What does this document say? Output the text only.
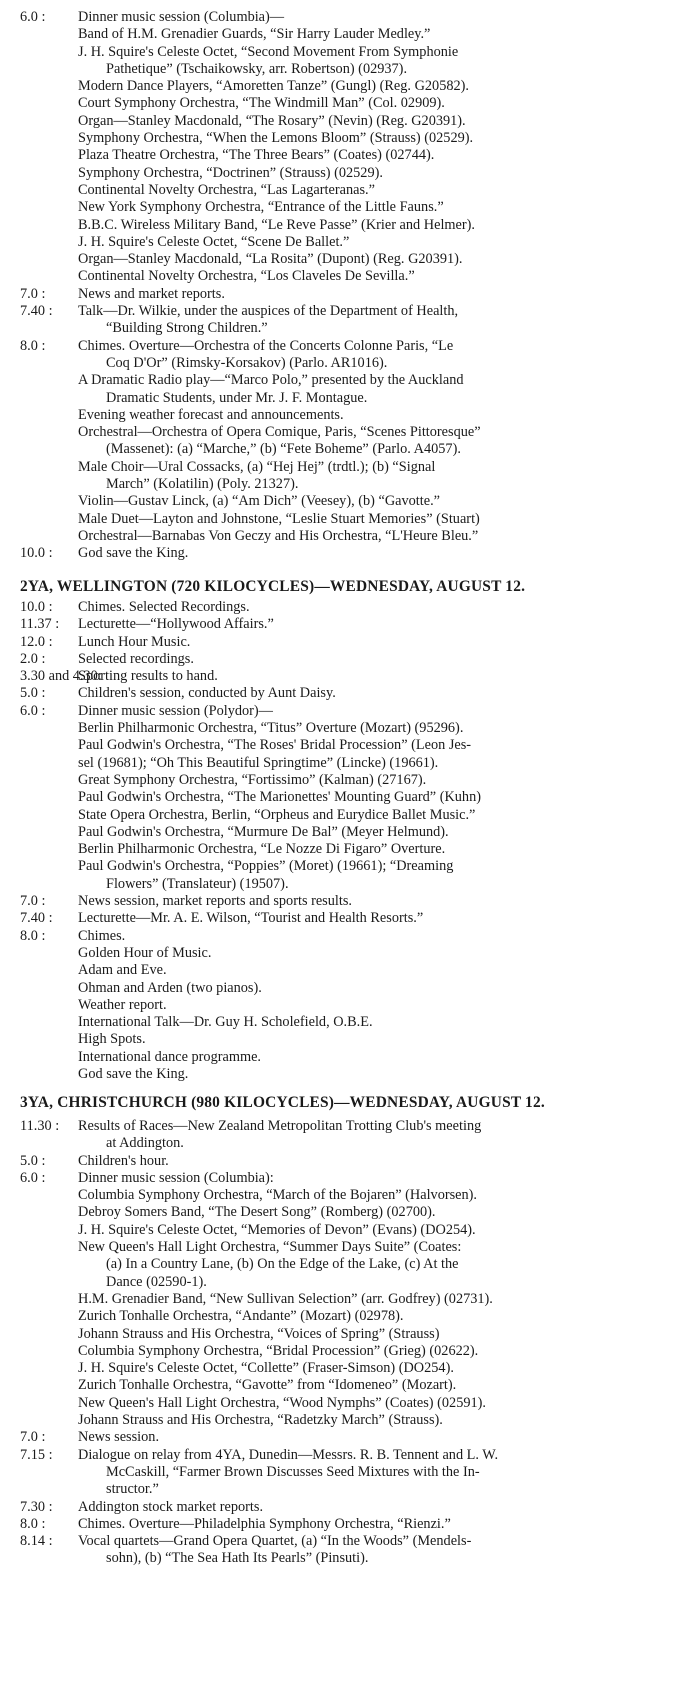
6.0 :	Dinner music session (Columbia)—
Band of H.M. Grenadier Guards, “Sir Harry Lauder Medley.”
J. H. Squire's Celeste Octet, “Second Movement From Symphonie
Pathetique” (Tschaikowsky, arr. Robertson) (02937).
Modern Dance Players, “Amoretten Tanze” (Gungl) (Reg. G20582).
Court Symphony Orchestra, “The Windmill Man” (Col. 02909).
Organ—Stanley Macdonald, “The Rosary” (Nevin) (Reg. G20391).
Symphony Orchestra, “When the Lemons Bloom” (Strauss) (02529).
Plaza Theatre Orchestra, “The Three Bears” (Coates) (02744).
Symphony Orchestra, “Doctrinen” (Strauss) (02529).
Continental Novelty Orchestra, “Las Lagarteranas.”
New York Symphony Orchestra, “Entrance of the Little Fauns.”
B.B.C. Wireless Military Band, “Le Reve Passe” (Krier and Helmer).
J. H. Squire's Celeste Octet, “Scene De Ballet.”
Organ—Stanley Macdonald, “La Rosita” (Dupont) (Reg. G20391).
Continental Novelty Orchestra, “Los Claveles De Sevilla.”
7.0 :	News and market reports.
7.40 :	Talk—Dr. Wilkie, under the auspices of the Department of Health,
“Building Strong Children.”
8.0 :	Chimes. Overture—Orchestra of the Concerts Colonne Paris, “Le
Coq D'Or” (Rimsky-Korsakov) (Parlo. AR1016).
A Dramatic Radio play—“Marco Polo,” presented by the Auckland
Dramatic Students, under Mr. J. F. Montague.
Evening weather forecast and announcements.
Orchestral—Orchestra of Opera Comique, Paris, “Scenes Pittoresque”
(Massenet): (a) “Marche,” (b) “Fete Boheme” (Parlo. A4057).
Male Choir—Ural Cossacks, (a) “Hej Hej” (trdtl.); (b) “Signal
March” (Kolatilin) (Poly. 21327).
Violin—Gustav Linck, (a) “Am Dich” (Veesey), (b) “Gavotte.”
Male Duet—Layton and Johnstone, “Leslie Stuart Memories” (Stuart)
Orchestral—Barnabas Von Geczy and His Orchestra, “L'Heure Bleu.”
10.0 :	God save the King.
2YA, WELLINGTON (720 KILOCYCLES)—WEDNESDAY, AUGUST 12.
10.0 :	Chimes. Selected Recordings.
11.37 :	Lecturette—“Hollywood Affairs.”
12.0 :	Lunch Hour Music.
2.0 :	Selected recordings.
3.30 and 4.30:
Sporting results to hand.
5.0 :	Children's session, conducted by Aunt Daisy.
6.0 :	Dinner music session (Polydor)—
Berlin Philharmonic Orchestra, “Titus” Overture (Mozart) (95296).
Paul Godwin's Orchestra, “The Roses' Bridal Procession” (Leon Jes-
sel (19681); “Oh This Beautiful Springtime” (Lincke) (19661).
Great Symphony Orchestra, “Fortissimo” (Kalman) (27167).
Paul Godwin's Orchestra, “The Marionettes' Mounting Guard” (Kuhn)
State Opera Orchestra, Berlin, “Orpheus and Eurydice Ballet Music.”
Paul Godwin's Orchestra, “Murmure De Bal” (Meyer Helmund).
Berlin Philharmonic Orchestra, “Le Nozze Di Figaro” Overture.
Paul Godwin's Orchestra, “Poppies” (Moret) (19661); “Dreaming
Flowers” (Translateur) (19507).
7.0 :	News session, market reports and sports results.
7.40 :	Lecturette—Mr. A. E. Wilson, “Tourist and Health Resorts.”
8.0 :	Chimes.
Golden Hour of Music.
Adam and Eve.
Ohman and Arden (two pianos).
Weather report.
International Talk—Dr. Guy H. Scholefield, O.B.E.
High Spots.
International dance programme.
God save the King.
3YA, CHRISTCHURCH (980 KILOCYCLES)—WEDNESDAY, AUGUST 12.
11.30 :	Results of Races—New Zealand Metropolitan Trotting Club's meeting
at Addington.
5.0 :	Children's hour.
6.0 :	Dinner music session (Columbia):
Columbia Symphony Orchestra, “March of the Bojaren” (Halvorsen).
Debroy Somers Band, “The Desert Song” (Romberg) (02700).
J. H. Squire's Celeste Octet, “Memories of Devon” (Evans) (DO254).
New Queen's Hall Light Orchestra, “Summer Days Suite” (Coates:
(a) In a Country Lane, (b) On the Edge of the Lake, (c) At the
Dance (02590-1).
H.M. Grenadier Band, “New Sullivan Selection” (arr. Godfrey) (02731).
Zurich Tonhalle Orchestra, “Andante” (Mozart) (02978).
Johann Strauss and His Orchestra, “Voices of Spring” (Strauss)
Columbia Symphony Orchestra, “Bridal Procession” (Grieg) (02622).
J. H. Squire's Celeste Octet, “Collette” (Fraser-Simson) (DO254).
Zurich Tonhalle Orchestra, “Gavotte” from “Idomeneo” (Mozart).
New Queen's Hall Light Orchestra, “Wood Nymphs” (Coates) (02591).
Johann Strauss and His Orchestra, “Radetzky March” (Strauss).
7.0 :	News session.
7.15 :	Dialogue on relay from 4YA, Dunedin—Messrs. R. B. Tennent and L. W.
McCaskill, “Farmer Brown Discusses Seed Mixtures with the In-
structor.”
7.30 :	Addington stock market reports.
8.0 :	Chimes. Overture—Philadelphia Symphony Orchestra, “Rienzi.”
8.14 :	Vocal quartets—Grand Opera Quartet, (a) “In the Woods” (Mendels-
sohn), (b) “The Sea Hath Its Pearls” (Pinsuti).
